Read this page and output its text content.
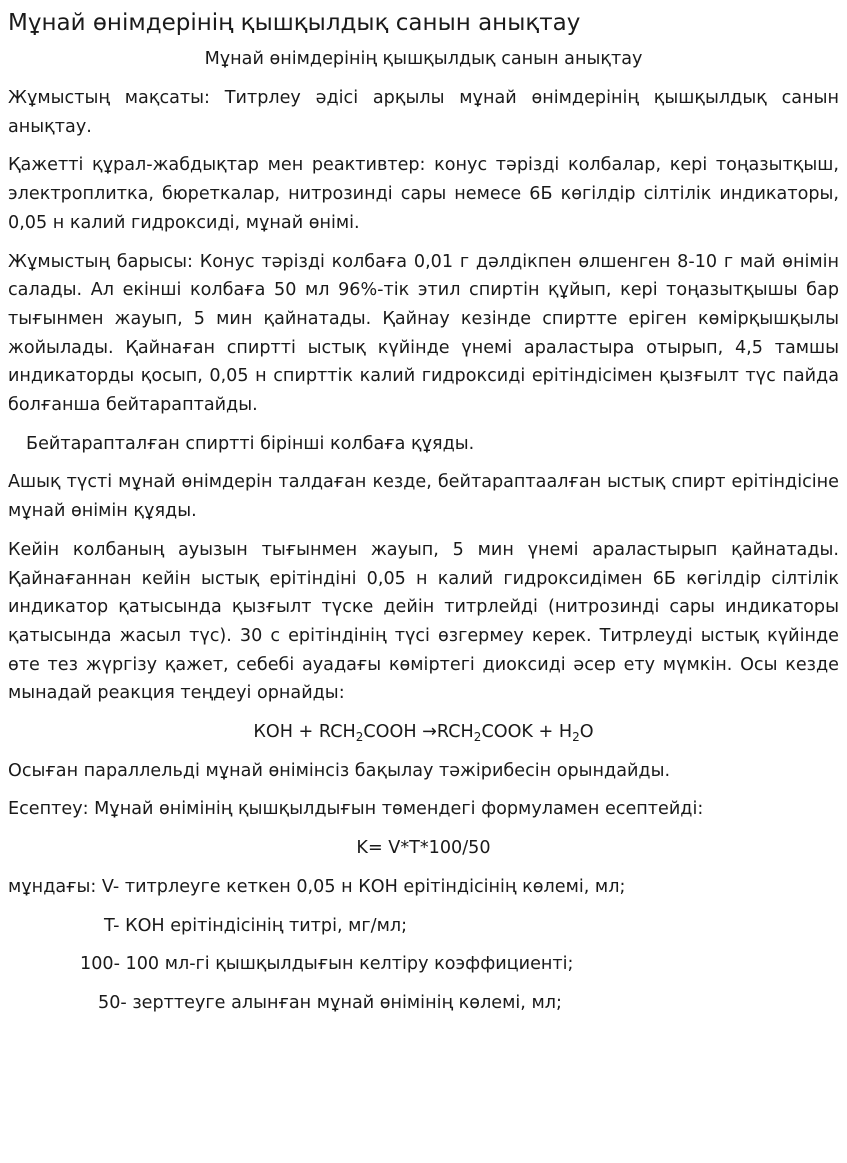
Мұнай өнімдерінің қышқылдық санын анықтау
Мұнай өнімдерінің қышқылдық санын анықтау

Жұмыстың мақсаты: Титрлеу әдісі арқылы мұнай өнімдерінің қышқылдық санын анықтау.

Қажетті құрал-жабдықтар мен реактивтер: конус тәрізді колбалар, кері тоңазытқыш, электроплитка, бюреткалар, нитрозинді сары немесе 6Б көгілдір сілтілік индикаторы, 0,05 н калий гидроксиді, мұнай өнімі.

Жұмыстың барысы: Конус тәрізді колбаға 0,01 г дәлдікпен өлшенген 8-10 г май өнімін салады. Ал екінші колбаға 50 мл 96%-тік этил спиртін құйып, кері тоңазытқышы бар тығынмен жауып, 5 мин қайнатады. Қайнау кезінде спиртте еріген көмірқышқылы жойылады. Қайнаған спиртті ыстық күйінде үнемі араластыра отырып, 4,5 тамшы индикаторды қосып, 0,05 н спирттік калий гидроксиді ерітіндісімен қызғылт түс пайда болғанша бейтараптайды.

Бейтарапталған спиртті бірінші колбаға құяды.

Ашық түсті мұнай өнімдерін талдаған кезде, бейтараптаалған ыстық спирт ерітіндісіне мұнай өнімін құяды.

Кейін колбаның ауызын тығынмен жауып, 5 мин үнемі араластырып қайнатады. Қайнағаннан кейін ыстық ерітіндіні 0,05 н калий гидроксидімен 6Б көгілдір сілтілік индикатор қатысында қызғылт түске дейін титрлейді (нитрозинді сары индикаторы қатысында жасыл түс). 30 с ерітіндінің түсі өзгермеу керек. Титрлеуді ыстық күйінде өте тез жүргізу қажет, себебі ауадағы көміртегі диоксиді әсер ету мүмкін. Осы кезде мынадай реакция теңдеуі орнайды:

КОН + $RCH_2COOH$ $\to RCH_2COOK + H_2O$

Осыған параллельді мұнай өнімінсіз бақылау тәжірибесін орындайды.

Есептеу: Мұнай өнімінің қышқылдығын төмендегі формуламен есептейді:

K= V*T*100/50

мұндағы: V- титрлеуге кеткен 0,05 н КОН ерітіндісінің көлемі, мл;

T- КОН ерітіндісінің титрі, мг/мл;

100- 100 мл-гі қышқылдығын келтіру коэффициенті;

50- зерттеуге алынған мұнай өнімінің көлемі, мл;
